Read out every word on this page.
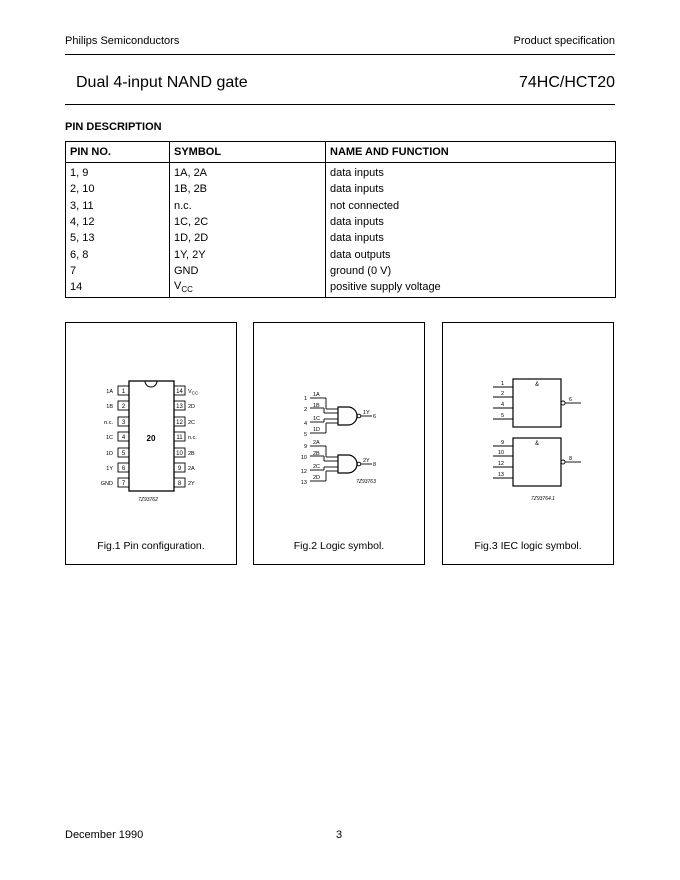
Philips Semiconductors	Product specification
Dual 4-input NAND gate	74HC/HCT20
PIN DESCRIPTION
PIN NO.	SYMBOL	NAME AND FUNCTION
1, 9	1A, 2A	data inputs
2, 10	1B, 2B	data inputs
3, 11	n.c.	not connected
4, 12	1C, 2C	data inputs
5, 13	1D, 2D	data inputs
6, 8	1Y, 2Y	data outputs
7	GND	ground (0 V)
14	$V_{CC}$	positive supply voltage
20
1
1A
2
1B
3
n.c.
4
1C
5
1D
6
1Y
7
GND
14 $V_{CC}$
13 2D
12 2C
11 n.c.
10 2B
9 2A
8 2Y
7Z93762
Fig.1 Pin configuration.
1
1A
2
1B
4
1C
5
1D
1Y
6
9
2A
10
2B
12
2C
13
2D
2Y
8
7Z93763
Fig.2 Logic symbol.
&
1
2
4
5
6
&
9
10
12
13
8
7Z93764.1
Fig.3 IEC logic symbol.
December 1990	3
